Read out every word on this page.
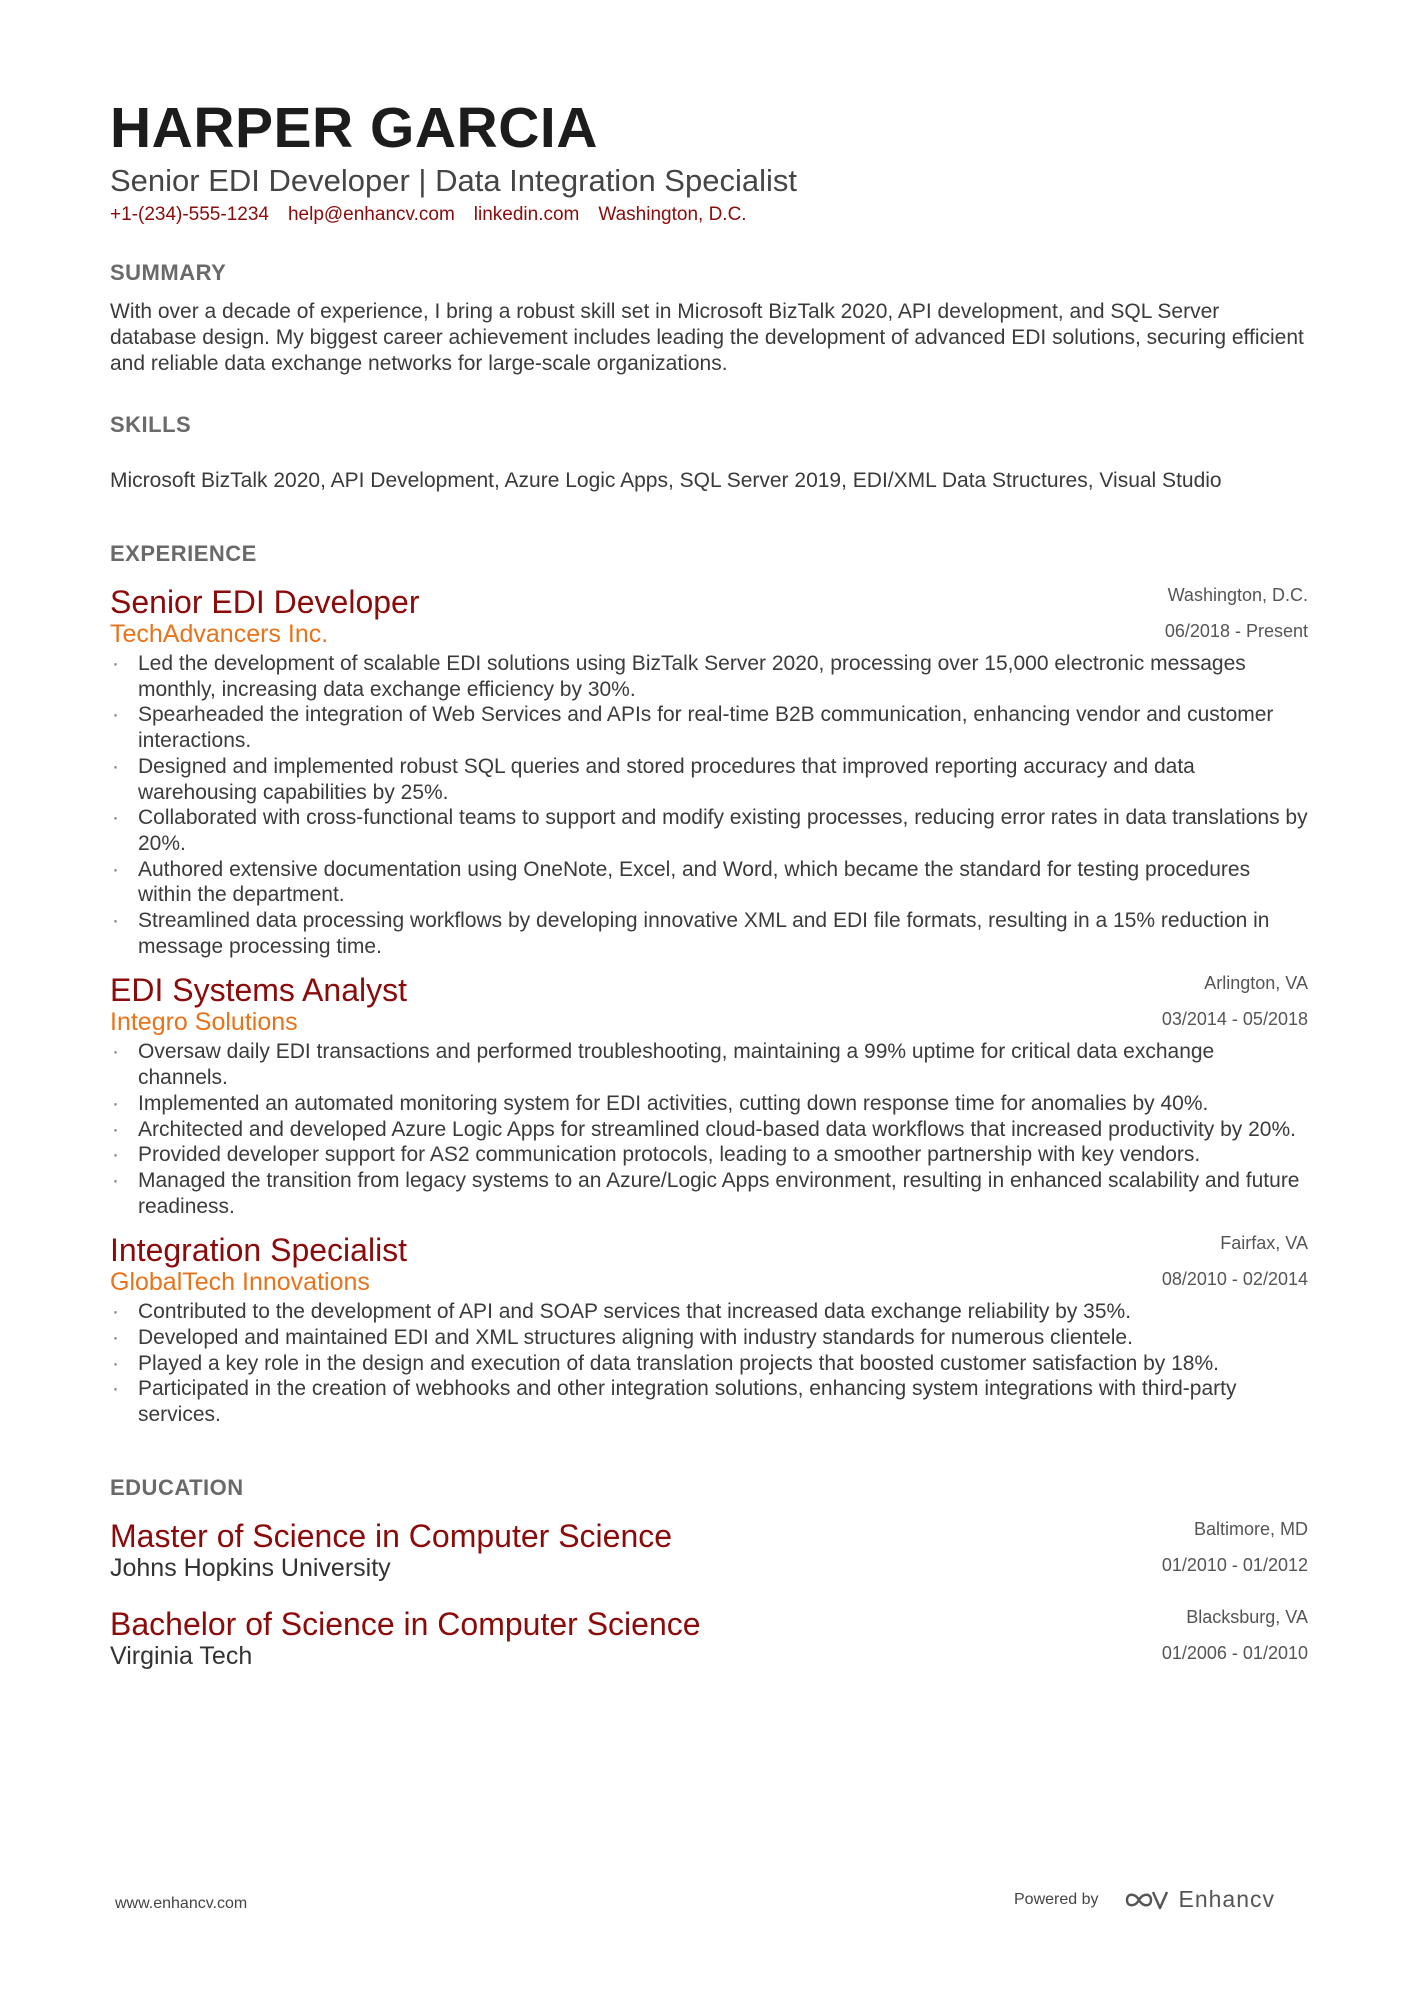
HARPER GARCIA
Senior EDI Developer | Data Integration Specialist
+1-(234)-555-1234 help@enhancv.com linkedin.com Washington, D.C.
SUMMARY
With over a decade of experience, I bring a robust skill set in Microsoft BizTalk 2020, API development, and SQL Server database design. My biggest career achievement includes leading the development of advanced EDI solutions, securing efficient and reliable data exchange networks for large-scale organizations.
SKILLS
Microsoft BizTalk 2020, API Development, Azure Logic Apps, SQL Server 2019, EDI/XML Data Structures, Visual Studio
EXPERIENCE
Senior EDI Developer
TechAdvancers Inc.
Washington, D.C.
06/2018 - Present
· Led the development of scalable EDI solutions using BizTalk Server 2020, processing over 15,000 electronic messages monthly, increasing data exchange efficiency by 30%.
· Spearheaded the integration of Web Services and APIs for real-time B2B communication, enhancing vendor and customer interactions.
· Designed and implemented robust SQL queries and stored procedures that improved reporting accuracy and data warehousing capabilities by 25%.
· Collaborated with cross-functional teams to support and modify existing processes, reducing error rates in data translations by 20%.
· Authored extensive documentation using OneNote, Excel, and Word, which became the standard for testing procedures within the department.
· Streamlined data processing workflows by developing innovative XML and EDI file formats, resulting in a 15% reduction in message processing time.
EDI Systems Analyst
Integro Solutions
Arlington, VA
03/2014 - 05/2018
· Oversaw daily EDI transactions and performed troubleshooting, maintaining a 99% uptime for critical data exchange channels.
· Implemented an automated monitoring system for EDI activities, cutting down response time for anomalies by 40%.
· Architected and developed Azure Logic Apps for streamlined cloud-based data workflows that increased productivity by 20%.
· Provided developer support for AS2 communication protocols, leading to a smoother partnership with key vendors.
· Managed the transition from legacy systems to an Azure/Logic Apps environment, resulting in enhanced scalability and future readiness.
Integration Specialist
GlobalTech Innovations
Fairfax, VA
08/2010 - 02/2014
· Contributed to the development of API and SOAP services that increased data exchange reliability by 35%.
· Developed and maintained EDI and XML structures aligning with industry standards for numerous clientele.
· Played a key role in the design and execution of data translation projects that boosted customer satisfaction by 18%.
· Participated in the creation of webhooks and other integration solutions, enhancing system integrations with third-party services.
EDUCATION
Master of Science in Computer Science
Johns Hopkins University
Baltimore, MD
01/2010 - 01/2012
Bachelor of Science in Computer Science
Virginia Tech
Blacksburg, VA
01/2006 - 01/2010
www.enhancv.com	Powered by	Enhancv
